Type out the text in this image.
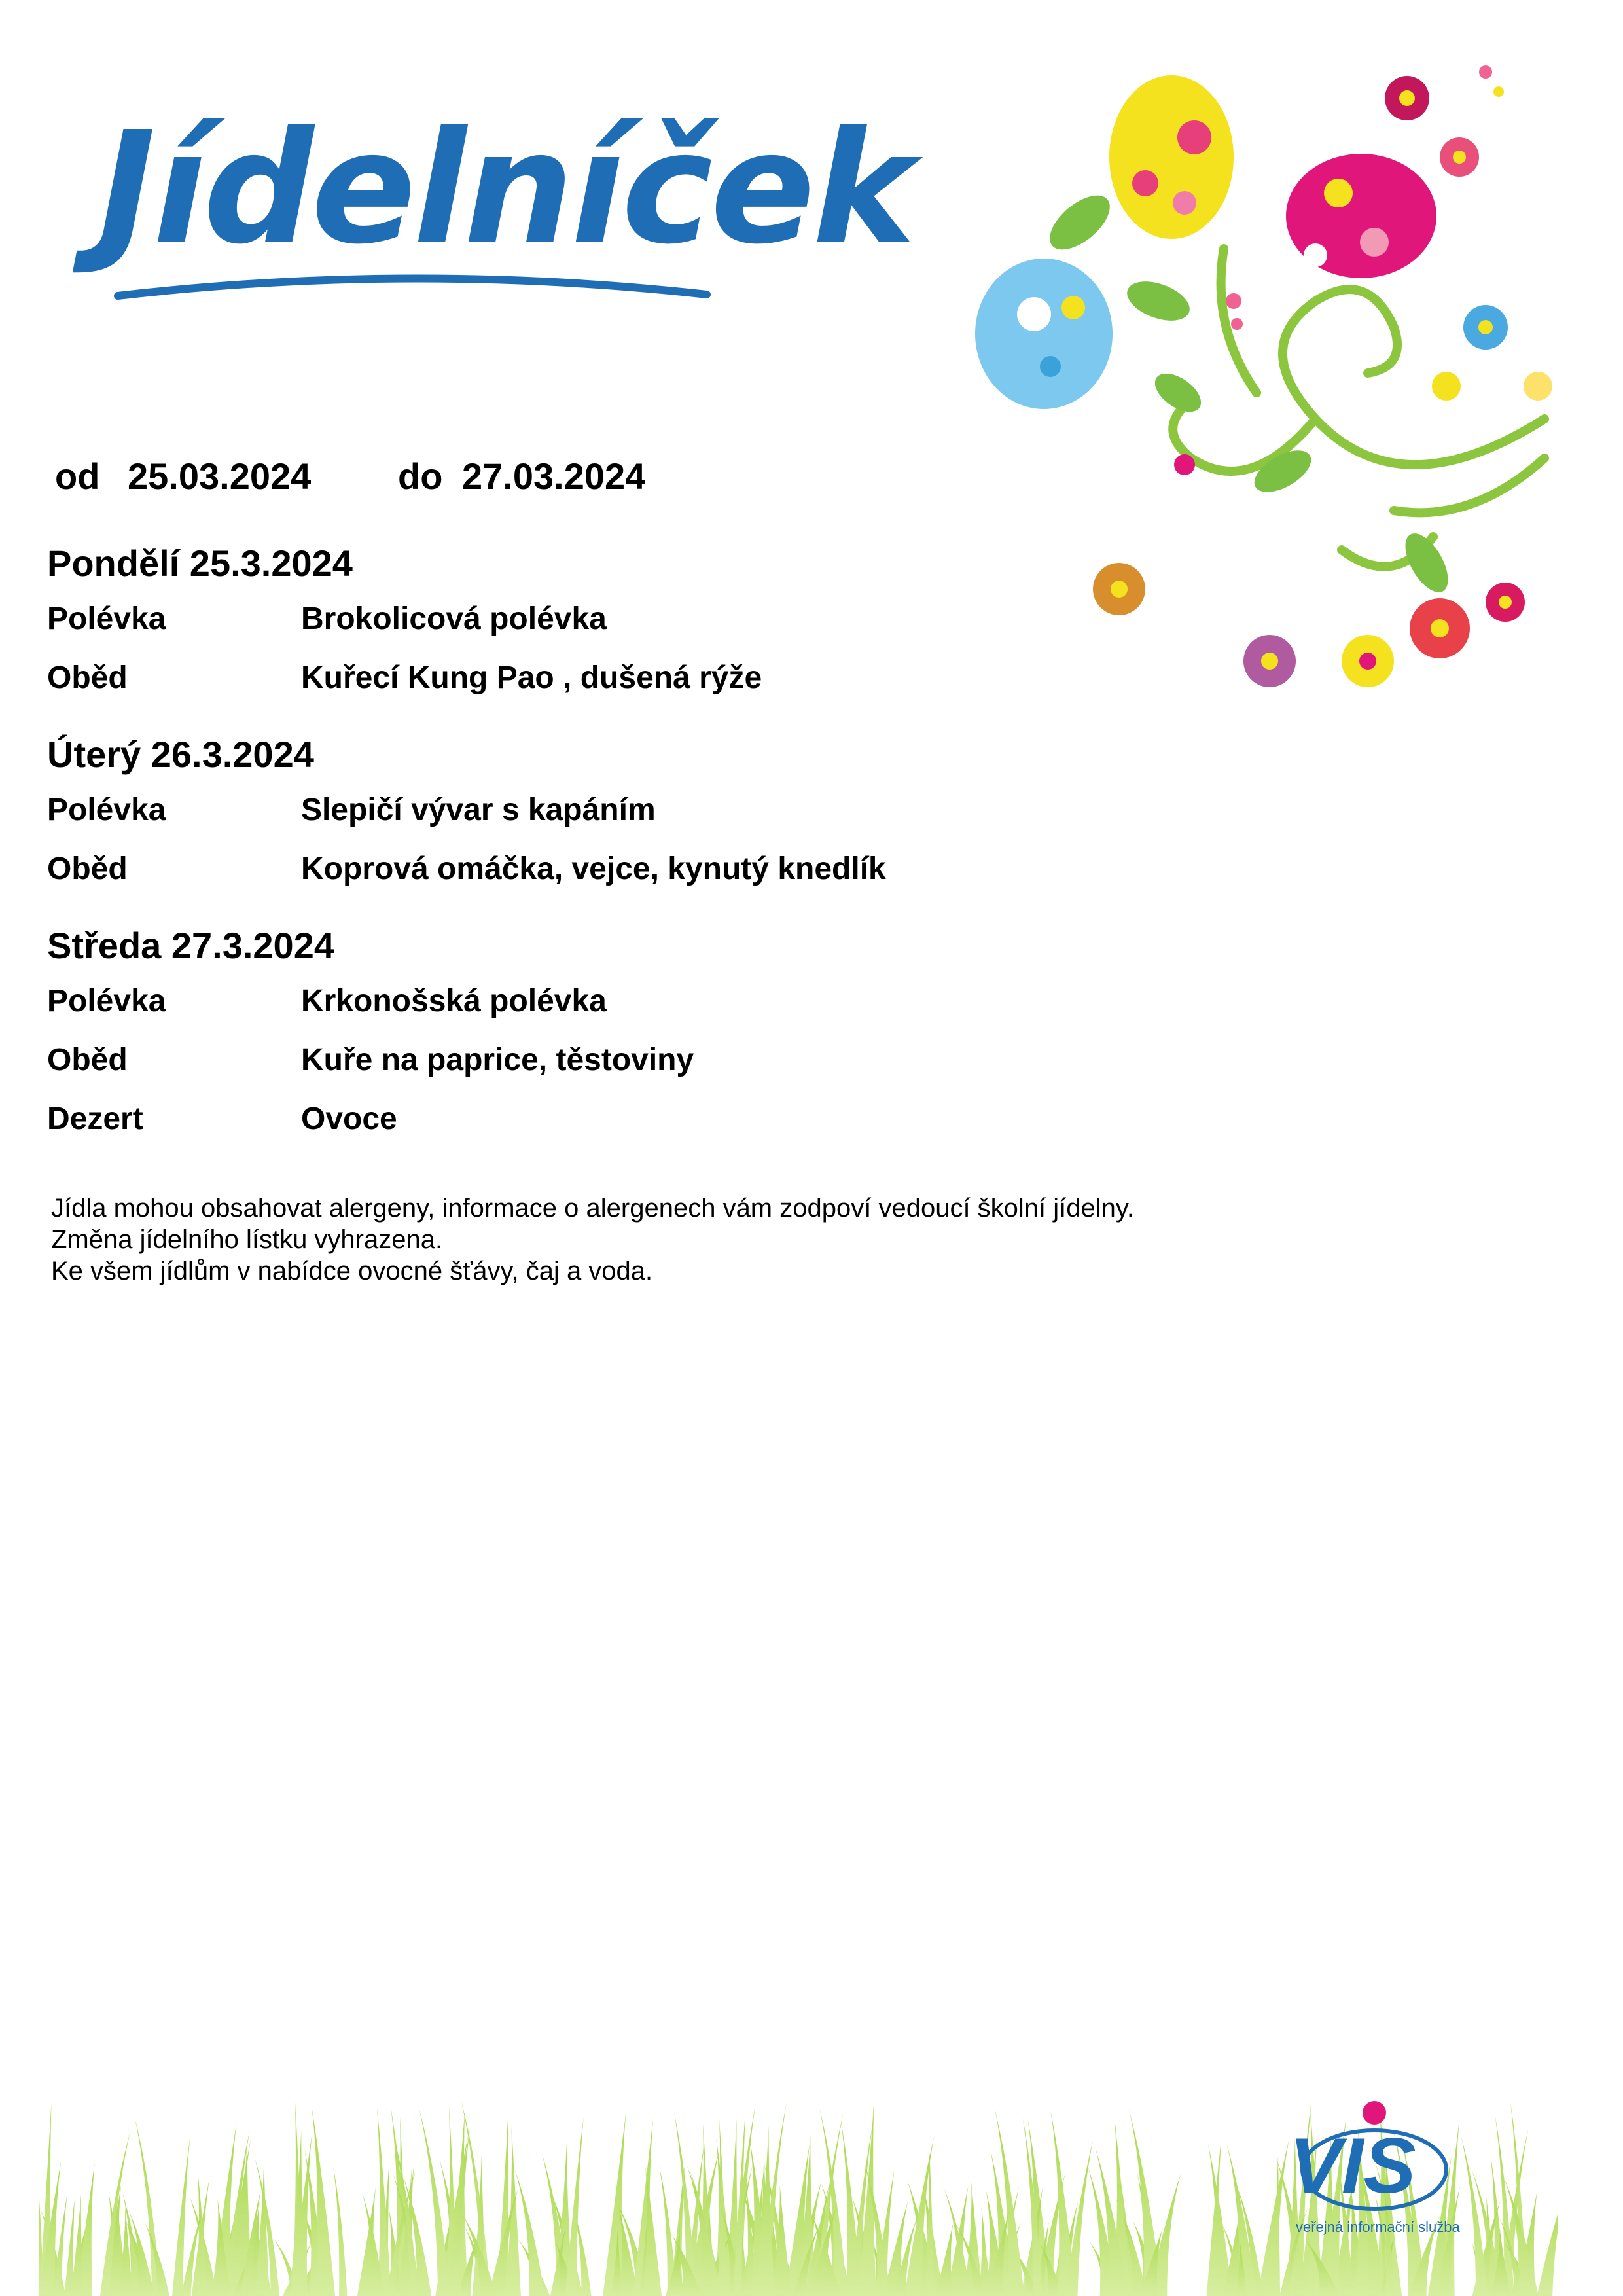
Jídelníček
od 25.03.2024 do 27.03.2024
Pondělí 25.3.2024
Polévka	Brokolicová polévka
Oběd	Kuřecí Kung Pao , dušená rýže
Úterý 26.3.2024
Polévka	Slepičí vývar s kapáním
Oběd	Koprová omáčka, vejce, kynutý knedlík
Středa 27.3.2024
Polévka	Krkonošská polévka
Oběd	Kuře na paprice, těstoviny
Dezert	Ovoce
Jídla mohou obsahovat alergeny, informace o alergenech vám zodpoví vedoucí školní jídelny.
Změna jídelního lístku vyhrazena.
Ke všem jídlům v nabídce ovocné šťávy, čaj a voda.
VIS
veřejná informační služba
